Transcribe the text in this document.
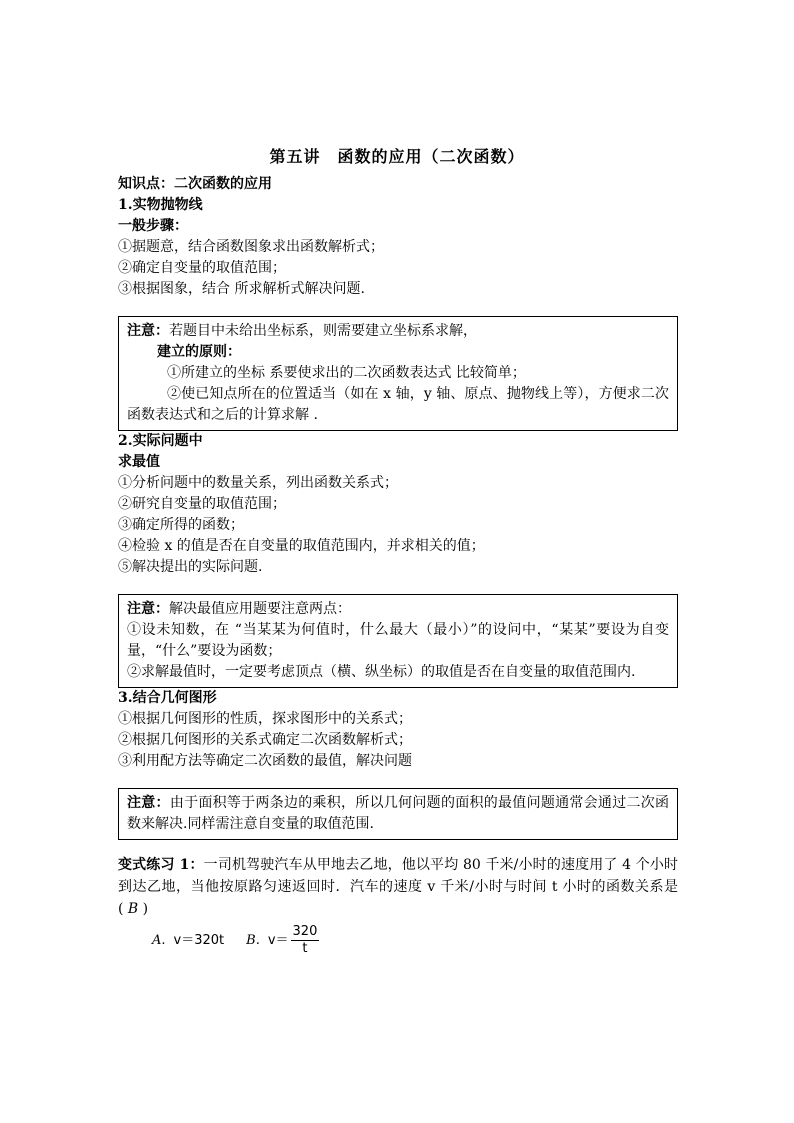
第五讲　函数的应用（二次函数）
知识点：二次函数的应用
1.实物抛物线
一般步骤：
①据题意，结合函数图象求出函数解析式；
②确定自变量的取值范围；
③根据图象，结合 所求解析式解决问题.
注意：若题目中未给出坐标系，则需要建立坐标系求解，
建立的原则：
①所建立的坐标 系要使求出的二次函数表达式 比较简单；
②使已知点所在的位置适当（如在 x 轴，y 轴、原点、抛物线上等），方便求二次函数表达式和之后的计算求解 .
2.实际问题中
求最值
①分析问题中的数量关系，列出函数关系式；
②研究自变量的取值范围；
③确定所得的函数；
④检验 x 的值是否在自变量的取值范围内，并求相关的值；
⑤解决提出的实际问题.
注意：解决最值应用题要注意两点：
①设未知数，在 “当某某为何值时，什么最大（最小）”的设问中，“某某”要设为自变量，“什么”要设为函数；
②求解最值时，一定要考虑顶点（横、纵坐标）的取值是否在自变量的取值范围内.
3.结合几何图形
①根据几何图形的性质，探求图形中的关系式；
②根据几何图形的关系式确定二次函数解析式；
③利用配方法等确定二次函数的最值，解决问题
注意：由于面积等于两条边的乘积，所以几何问题的面积的最值问题通常会通过二次函数来解决.同样需注意自变量的取值范围.
变式练习 1：一司机驾驶汽车从甲地去乙地，他以平均 80 千米/小时的速度用了 4 个小时到达乙地，当他按原路匀速返回时．汽车的速度 v 千米/小时与时间 t 小时的函数关系是( B )
A. v＝320t B. $v= \frac{320}{t}$
